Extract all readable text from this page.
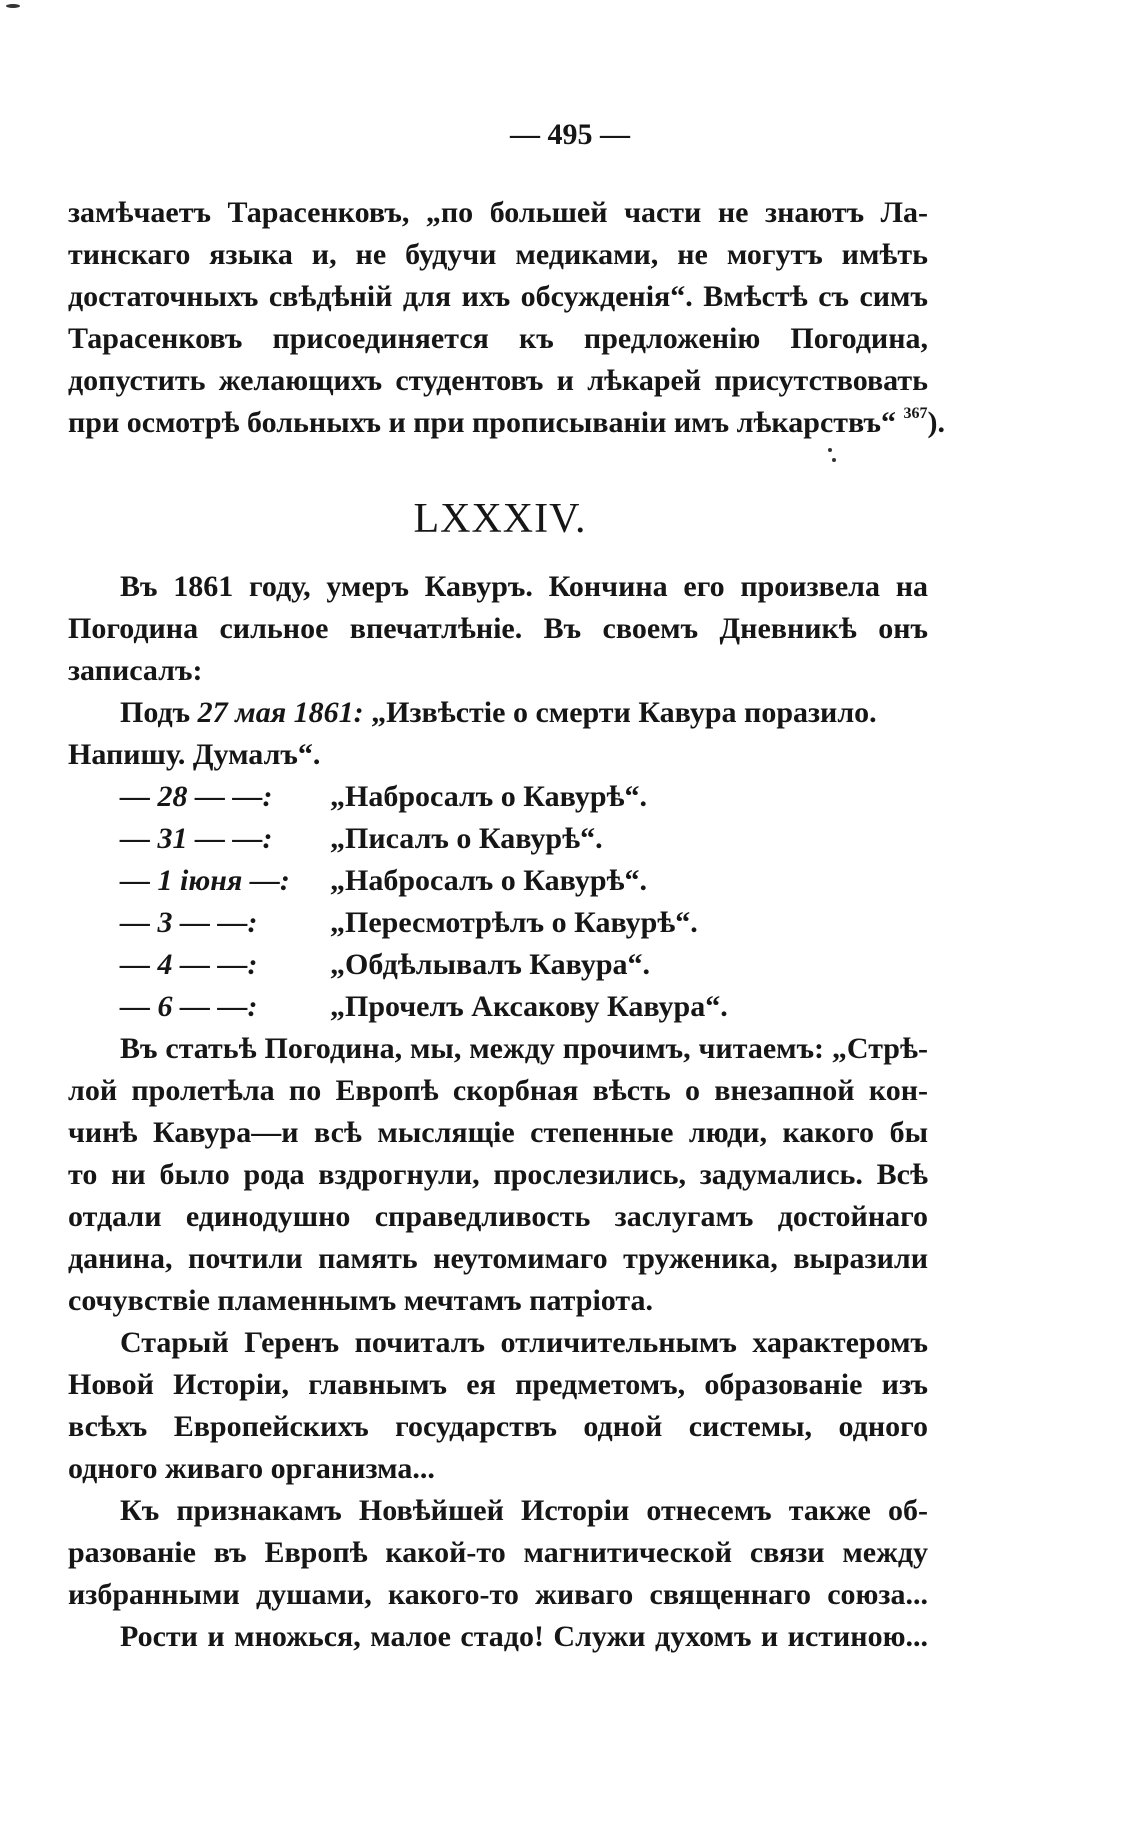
— 495 —
замѣчаетъ Тарасенковъ, „по большей части не знаютъ Ла-
тинскаго языка и, не будучи медиками, не могутъ имѣть
достаточныхъ свѣдѣній для ихъ обсужденія“. Вмѣстѣ съ симъ
Тарасенковъ присоединяется къ предложенію Погодина,
допустить желающихъ студентовъ и лѣкарей присутствовать
при осмотрѣ больныхъ и при прописываніи имъ лѣкарствъ“ $^{367}$).
LXXXIV.
Въ 1861 году, умеръ Кавуръ. Кончина его произвела на
Погодина сильное впечатлѣніе. Въ своемъ Дневникѣ онъ
записалъ:
Подъ 27 мая 1861: „Извѣстіе о смерти Кавура поразило.
Напишу. Думалъ“.
— 28 — —: „Набросалъ о Кавурѣ“.
— 31 — —: „Писалъ о Кавурѣ“.
— 1 іюня —: „Набросалъ о Кавурѣ“.
— 3 — —: „Пересмотрѣлъ о Кавурѣ“.
— 4 — —: „Обдѣлывалъ Кавура“.
— 6 — —: „Прочелъ Аксакову Кавура“.
Въ статьѣ Погодина, мы, между прочимъ, читаемъ: „Стрѣ-
лой пролетѣла по Европѣ скорбная вѣсть о внезапной кон-
чинѣ Кавура—и всѣ мыслящіе степенные люди, какого бы
то ни было рода вздрогнули, прослезились, задумались. Всѣ
отдали единодушно справедливость заслугамъ достойнаго
данина, почтили память неутомимаго труженика, выразили
сочувствіе пламеннымъ мечтамъ патріота.
Старый Геренъ почиталъ отличительнымъ характеромъ
Новой Исторіи, главнымъ ея предметомъ, образованіе изъ
всѣхъ Европейскихъ государствъ одной системы, одного
одного живаго организма...
Къ признакамъ Новѣйшей Исторіи отнесемъ также об-
разованіе въ Европѣ какой-то магнитической связи между
избранными душами, какого-то живаго священнаго союза...
Рости и множься, малое стадо! Служи духомъ и истиною...
